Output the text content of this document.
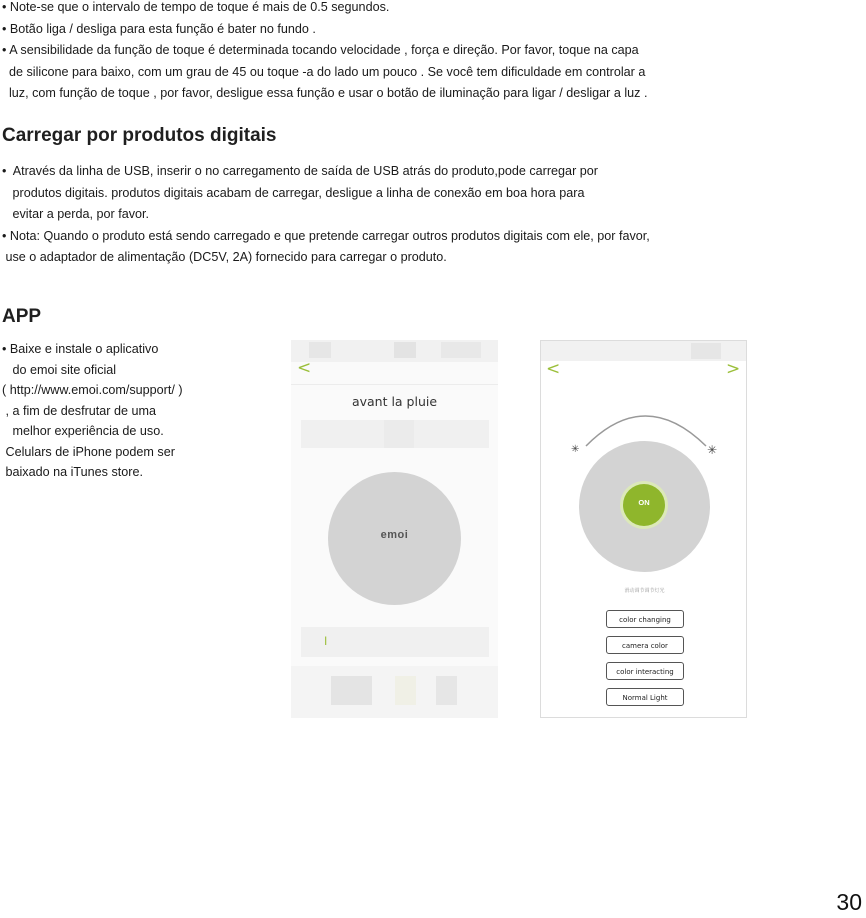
• Note-se que o intervalo de tempo de toque é mais de 0.5 segundos.
• Botão liga / desliga para esta função é bater no fundo .
• A sensibilidade da função de toque é determinada tocando velocidade , força e direção. Por favor, toque na capa
de silicone para baixo, com um grau de 45 ou toque -a do lado um pouco . Se você tem dificuldade em controlar a
luz, com função de toque , por favor, desligue essa função e usar o botão de iluminação para ligar / desligar a luz .
Carregar por produtos digitais
•  Através da linha de USB, inserir o no carregamento de saída de USB atrás do produto,pode carregar por
produtos digitais. produtos digitais acabam de carregar, desligue a linha de conexão em boa hora para
evitar a perda, por favor.
• Nota: Quando o produto está sendo carregado e que pretende carregar outros produtos digitais com ele, por favor,
use o adaptador de alimentação (DC5V, 2A) fornecido para carregar o produto.
APP
• Baixe e instale o aplicativo
do emoi site oficial
( http://www.emoi.com/support/ )
, a fim de desfrutar de uma
melhor experiência de uso.
Celulars de iPhone podem ser
baixado na iTunes store.
<
avant la pluie
emoi
I
<	>
✳	✳
ON
滑动调节调节灯光
color changing
camera color
color interacting
Normal Light
30
